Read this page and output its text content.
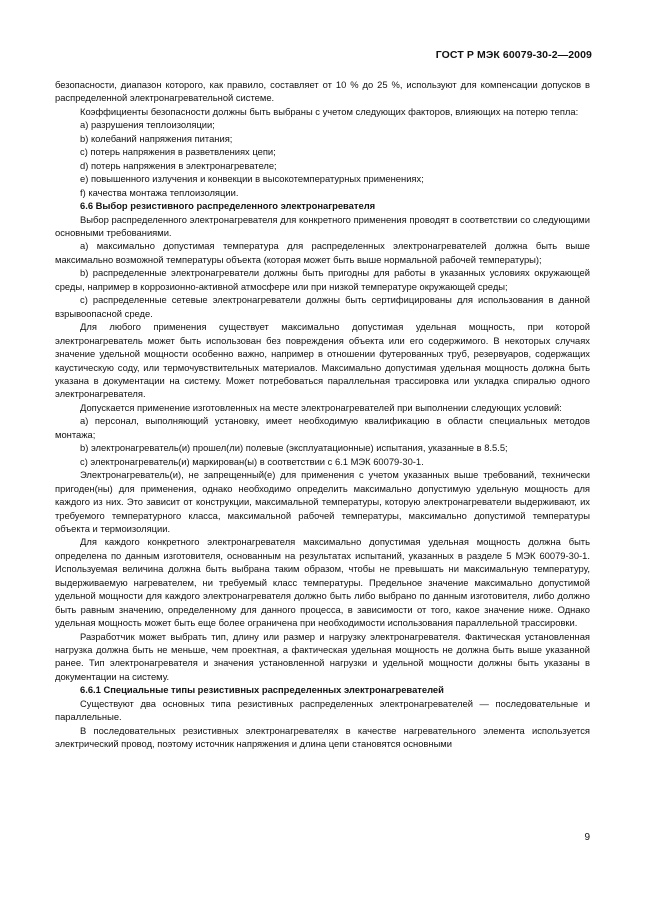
ГОСТ Р МЭК 60079-30-2—2009

безопасности, диапазон которого, как правило, составляет от 10 % до 25 %, используют для компенсации допусков в распределенной электронагревательной системе.

Коэффициенты безопасности должны быть выбраны с учетом следующих факторов, влияющих на потерю тепла:

a) разрушения теплоизоляции;

b) колебаний напряжения питания;

c) потерь напряжения в разветвлениях цепи;

d) потерь напряжения в электронагревателе;

e) повышенного излучения и конвекции в высокотемпературных применениях;

f) качества монтажа теплоизоляции.

6.6 Выбор резистивного распределенного электронагревателя

Выбор распределенного электронагревателя для конкретного применения проводят в соответствии со следующими основными требованиями.

a) максимально допустимая температура для распределенных электронагревателей должна быть выше максимально возможной температуры объекта (которая может быть выше нормальной рабочей температуры);

b) распределенные электронагреватели должны быть пригодны для работы в указанных условиях окружающей среды, например в коррозионно-активной атмосфере или при низкой температуре окружающей среды;

c) распределенные сетевые электронагреватели должны быть сертифицированы для использования в данной взрывоопасной среде.

Для любого применения существует максимально допустимая удельная мощность, при которой электронагреватель может быть использован без повреждения объекта или его содержимого. В некоторых случаях значение удельной мощности особенно важно, например в отношении футерованных труб, резервуаров, содержащих каустическую соду, или термочувствительных материалов. Максимально допустимая удельная мощность должна быть указана в документации на систему. Может потребоваться параллельная трассировка или укладка спиралью одного электронагревателя.

Допускается применение изготовленных на месте электронагревателей при выполнении следующих условий:

a) персонал, выполняющий установку, имеет необходимую квалификацию в области специальных методов монтажа;

b) электронагреватель(и) прошел(ли) полевые (эксплуатационные) испытания, указанные в 8.5.5;

c) электронагреватель(и) маркирован(ы) в соответствии с 6.1 МЭК 60079-30-1.

Электронагреватель(и), не запрещенный(е) для применения с учетом указанных выше требований, технически пригоден(ны) для применения, однако необходимо определить максимально допустимую удельную мощность для каждого из них. Это зависит от конструкции, максимальной температуры, которую электронагреватели выдерживают, их требуемого температурного класса, максимальной рабочей температуры, максимально допустимой температуры объекта и термоизоляции.

Для каждого конкретного электронагревателя максимально допустимая удельная мощность должна быть определена по данным изготовителя, основанным на результатах испытаний, указанных в разделе 5 МЭК 60079-30-1. Используемая величина должна быть выбрана таким образом, чтобы не превышать ни максимальную температуру, выдерживаемую нагревателем, ни требуемый класс температуры. Предельное значение максимально допустимой удельной мощности для каждого электронагревателя должно быть либо выбрано по данным изготовителя, либо должно быть равным значению, определенному для данного процесса, в зависимости от того, какое значение ниже. Однако удельная мощность может быть еще более ограничена при необходимости использования параллельной трассировки.

Разработчик может выбрать тип, длину или размер и нагрузку электронагревателя. Фактическая установленная нагрузка должна быть не меньше, чем проектная, а фактическая удельная мощность не должна быть выше указанной ранее. Тип электронагревателя и значения установленной нагрузки и удельной мощности должны быть указаны в документации на систему.

6.6.1 Специальные типы резистивных распределенных электронагревателей

Существуют два основных типа резистивных распределенных электронагревателей — последовательные и параллельные.

В последовательных резистивных электронагревателях в качестве нагревательного элемента используется электрический провод, поэтому источник напряжения и длина цепи становятся основными

9
